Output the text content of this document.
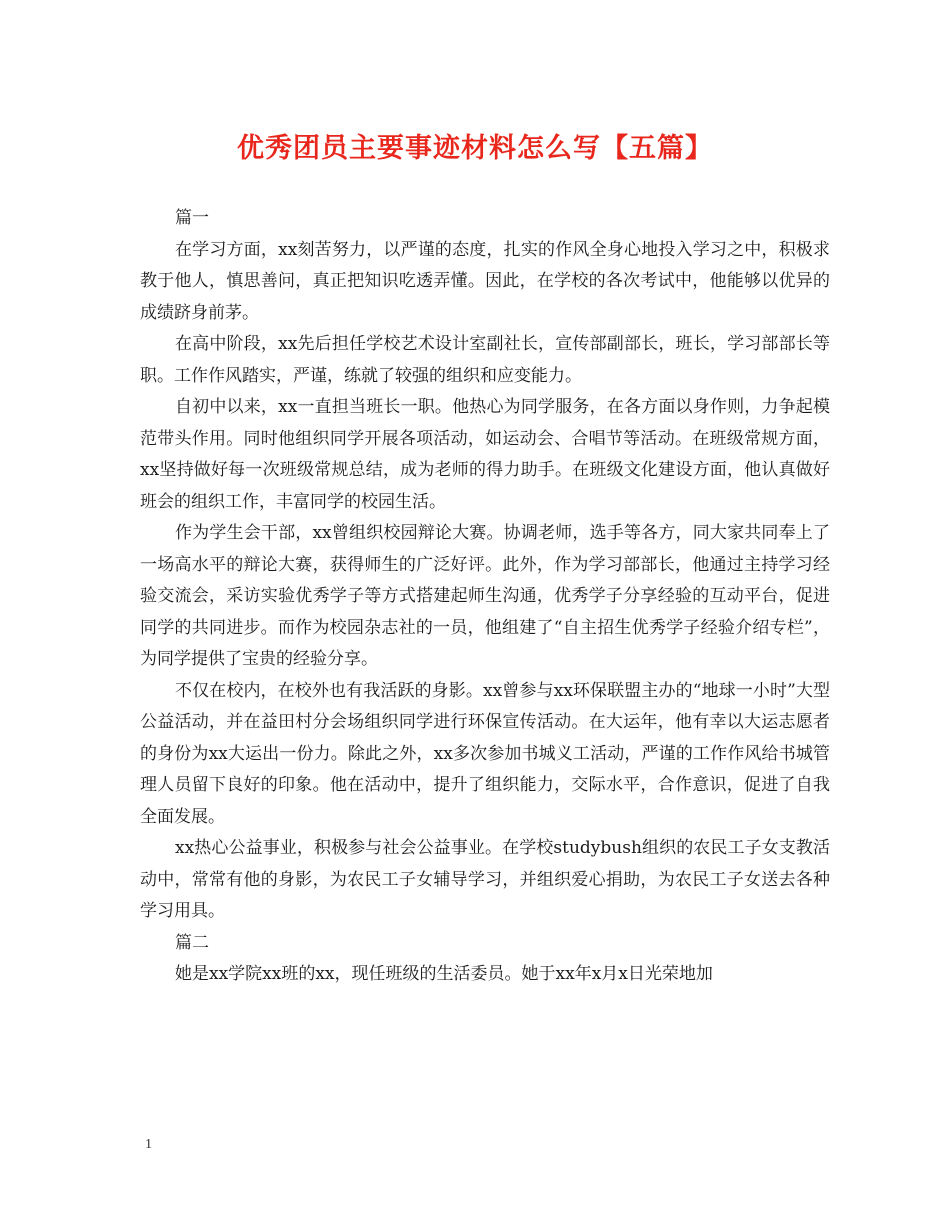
优秀团员主要事迹材料怎么写【五篇】

篇一

在学习方面，xx刻苦努力，以严谨的态度，扎实的作风全身心地投入学习之中，积极求教于他人，慎思善问，真正把知识吃透弄懂。因此，在学校的各次考试中，他能够以优异的成绩跻身前茅。

在高中阶段，xx先后担任学校艺术设计室副社长，宣传部副部长，班长，学习部部长等职。工作作风踏实，严谨，练就了较强的组织和应变能力。

自初中以来，xx一直担当班长一职。他热心为同学服务，在各方面以身作则，力争起模范带头作用。同时他组织同学开展各项活动，如运动会、合唱节等活动。在班级常规方面，xx坚持做好每一次班级常规总结，成为老师的得力助手。在班级文化建设方面，他认真做好班会的组织工作，丰富同学的校园生活。

作为学生会干部，xx曾组织校园辩论大赛。协调老师，选手等各方，同大家共同奉上了一场高水平的辩论大赛，获得师生的广泛好评。此外，作为学习部部长，他通过主持学习经验交流会，采访实验优秀学子等方式搭建起师生沟通，优秀学子分享经验的互动平台，促进同学的共同进步。而作为校园杂志社的一员，他组建了“自主招生优秀学子经验介绍专栏”，为同学提供了宝贵的经验分享。

不仅在校内，在校外也有我活跃的身影。xx曾参与xx环保联盟主办的“地球一小时”大型公益活动，并在益田村分会场组织同学进行环保宣传活动。在大运年，他有幸以大运志愿者的身份为xx大运出一份力。除此之外，xx多次参加书城义工活动，严谨的工作作风给书城管理人员留下良好的印象。他在活动中，提升了组织能力，交际水平，合作意识，促进了自我全面发展。

xx热心公益事业，积极参与社会公益事业。在学校studybush组织的农民工子女支教活动中，常常有他的身影，为农民工子女辅导学习，并组织爱心捐助，为农民工子女送去各种学习用具。

篇二

她是xx学院xx班的xx，现任班级的生活委员。她于xx年x月x日光荣地加

1
